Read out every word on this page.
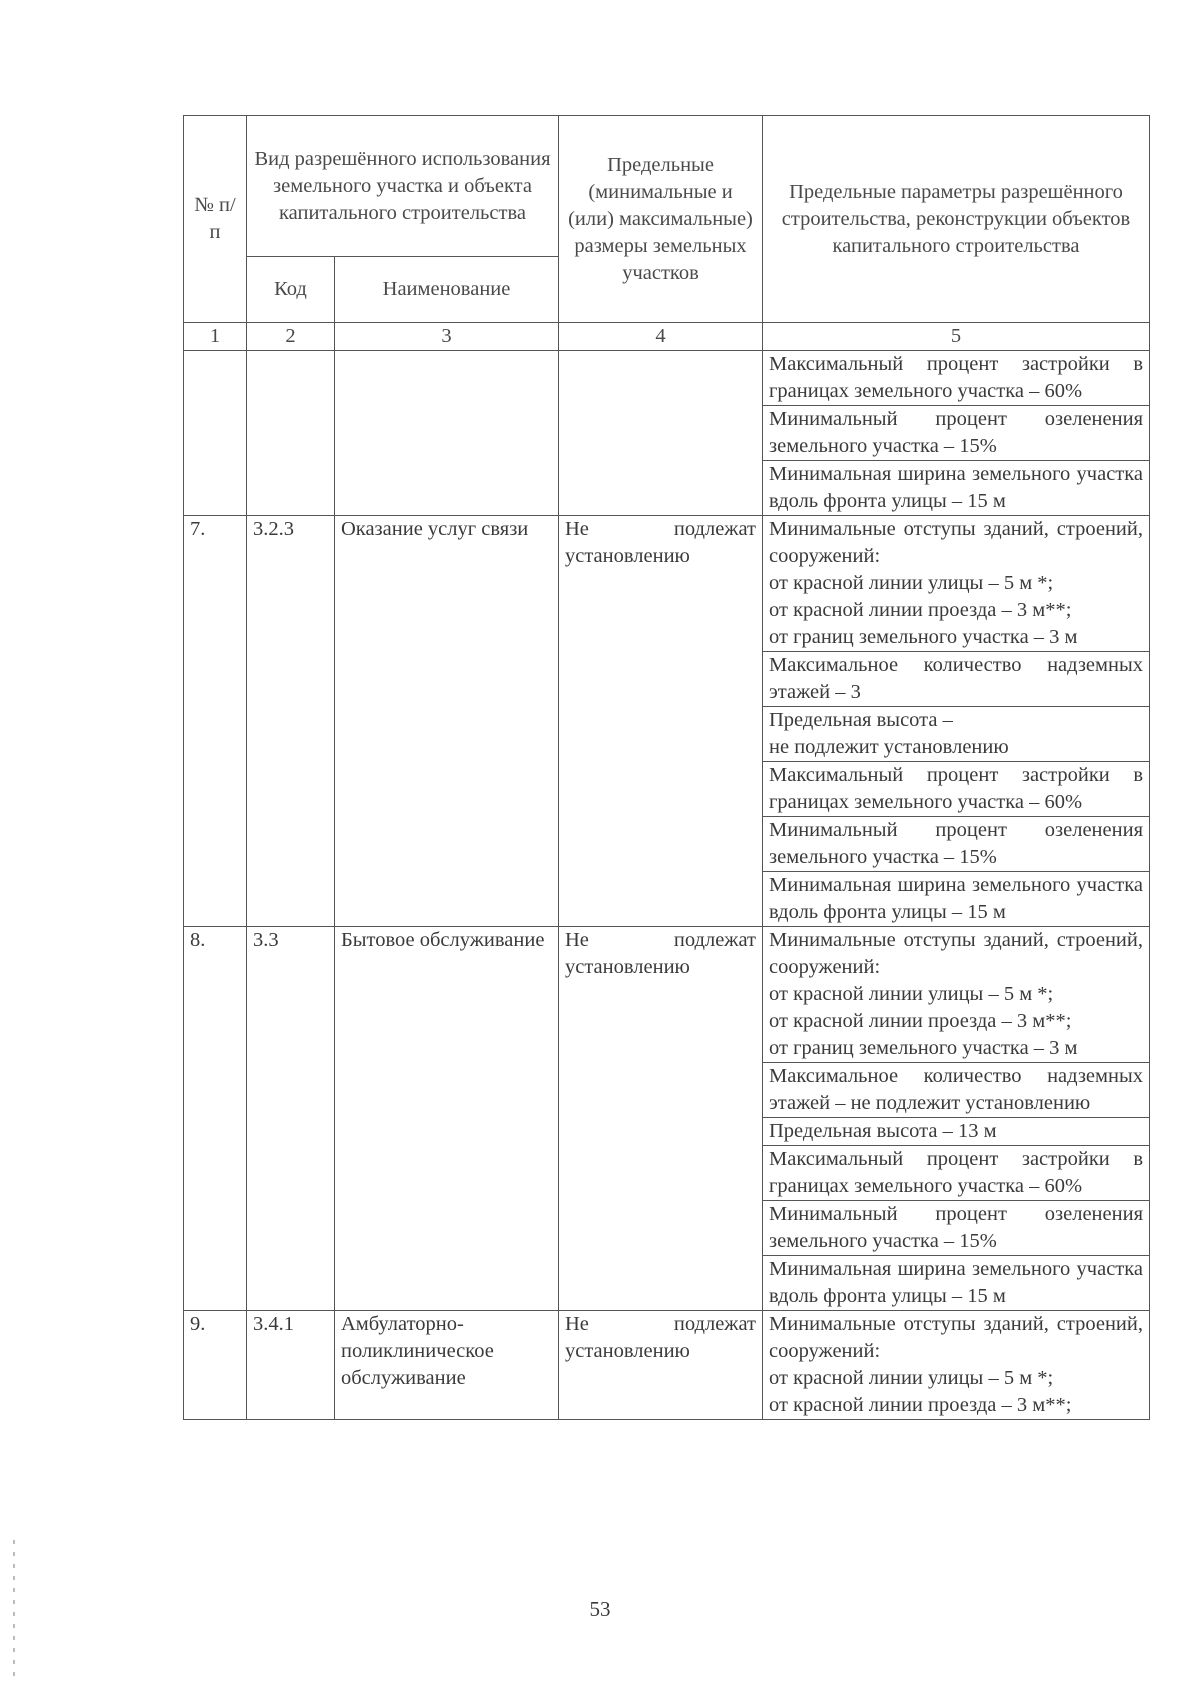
№ п/п	Вид разрешённого использования земельного участка и объекта капитального строительства		Предельные (минимальные и (или) максимальные) размеры земельных участков	Предельные параметры разрешённого строительства, реконструкции объектов капитального строительства
	Код	Наименование		
1	2	3	4	5

				Максимальный процент застройки в границах земельного участка – 60%

				Минимальный процент озеленения земельного участка – 15%

				Минимальная ширина земельного участка вдоль фронта улицы – 15 м

7.	3.2.3	Оказание услуг связи	Не подлежат установлению	Минимальные отступы зданий, строений, сооружений:
от красной линии улицы – 5 м *;
от красной линии проезда – 3 м**;
от границ земельного участка – 3 м

				Максимальное количество надземных этажей – 3

				Предельная высота –
не подлежит установлению

				Максимальный процент застройки в границах земельного участка – 60%

				Минимальный процент озеленения земельного участка – 15%

				Минимальная ширина земельного участка вдоль фронта улицы – 15 м

8.	3.3	Бытовое обслуживание	Не подлежат установлению	Минимальные отступы зданий, строений, сооружений:
от красной линии улицы – 5 м *;
от красной линии проезда – 3 м**;
от границ земельного участка – 3 м

				Максимальное количество надземных этажей – не подлежит установлению

				Предельная высота – 13 м

				Максимальный процент застройки в границах земельного участка – 60%

				Минимальный процент озеленения земельного участка – 15%

				Минимальная ширина земельного участка вдоль фронта улицы – 15 м

9.	3.4.1	Амбулаторно-поликлиническое обслуживание	Не подлежат установлению	Минимальные отступы зданий, строений, сооружений:
от красной линии улицы – 5 м *;
от красной линии проезда – 3 м**;
53
